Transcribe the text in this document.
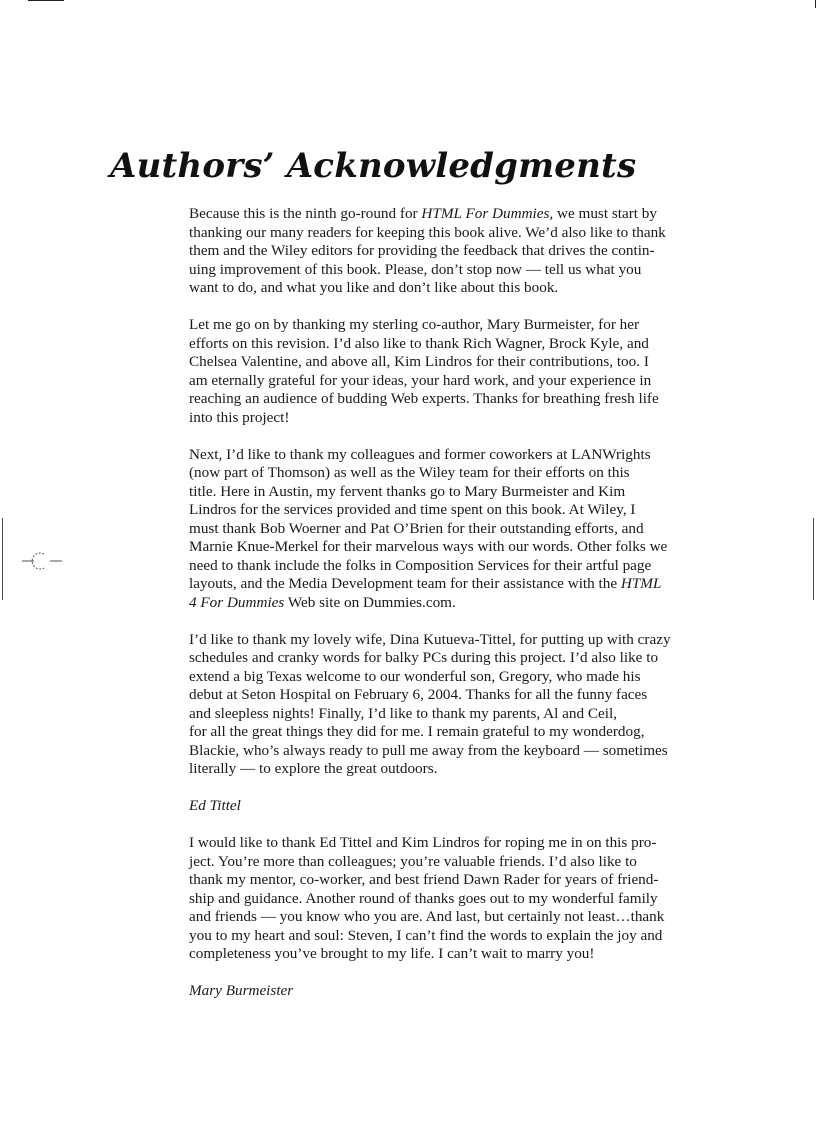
Authors’ Acknowledgments

Because this is the ninth go-round for HTML For Dummies, we must start by
thanking our many readers for keeping this book alive. We’d also like to thank
them and the Wiley editors for providing the feedback that drives the contin-
uing improvement of this book. Please, don’t stop now — tell us what you
want to do, and what you like and don’t like about this book.

Let me go on by thanking my sterling co-author, Mary Burmeister, for her
efforts on this revision. I’d also like to thank Rich Wagner, Brock Kyle, and
Chelsea Valentine, and above all, Kim Lindros for their contributions, too. I
am eternally grateful for your ideas, your hard work, and your experience in
reaching an audience of budding Web experts. Thanks for breathing fresh life
into this project!

Next, I’d like to thank my colleagues and former coworkers at LANWrights
(now part of Thomson) as well as the Wiley team for their efforts on this
title. Here in Austin, my fervent thanks go to Mary Burmeister and Kim
Lindros for the services provided and time spent on this book. At Wiley, I
must thank Bob Woerner and Pat O’Brien for their outstanding efforts, and
Marnie Knue-Merkel for their marvelous ways with our words. Other folks we
need to thank include the folks in Composition Services for their artful page
layouts, and the Media Development team for their assistance with the HTML
4 For Dummies Web site on Dummies.com.

I’d like to thank my lovely wife, Dina Kutueva-Tittel, for putting up with crazy
schedules and cranky words for balky PCs during this project. I’d also like to
extend a big Texas welcome to our wonderful son, Gregory, who made his
debut at Seton Hospital on February 6, 2004. Thanks for all the funny faces
and sleepless nights! Finally, I’d like to thank my parents, Al and Ceil,
for all the great things they did for me. I remain grateful to my wonderdog,
Blackie, who’s always ready to pull me away from the keyboard — sometimes
literally — to explore the great outdoors.

Ed Tittel

I would like to thank Ed Tittel and Kim Lindros for roping me in on this pro-
ject. You’re more than colleagues; you’re valuable friends. I’d also like to
thank my mentor, co-worker, and best friend Dawn Rader for years of friend-
ship and guidance. Another round of thanks goes out to my wonderful family
and friends — you know who you are. And last, but certainly not least…thank
you to my heart and soul: Steven, I can’t find the words to explain the joy and
completeness you’ve brought to my life. I can’t wait to marry you!

Mary Burmeister
